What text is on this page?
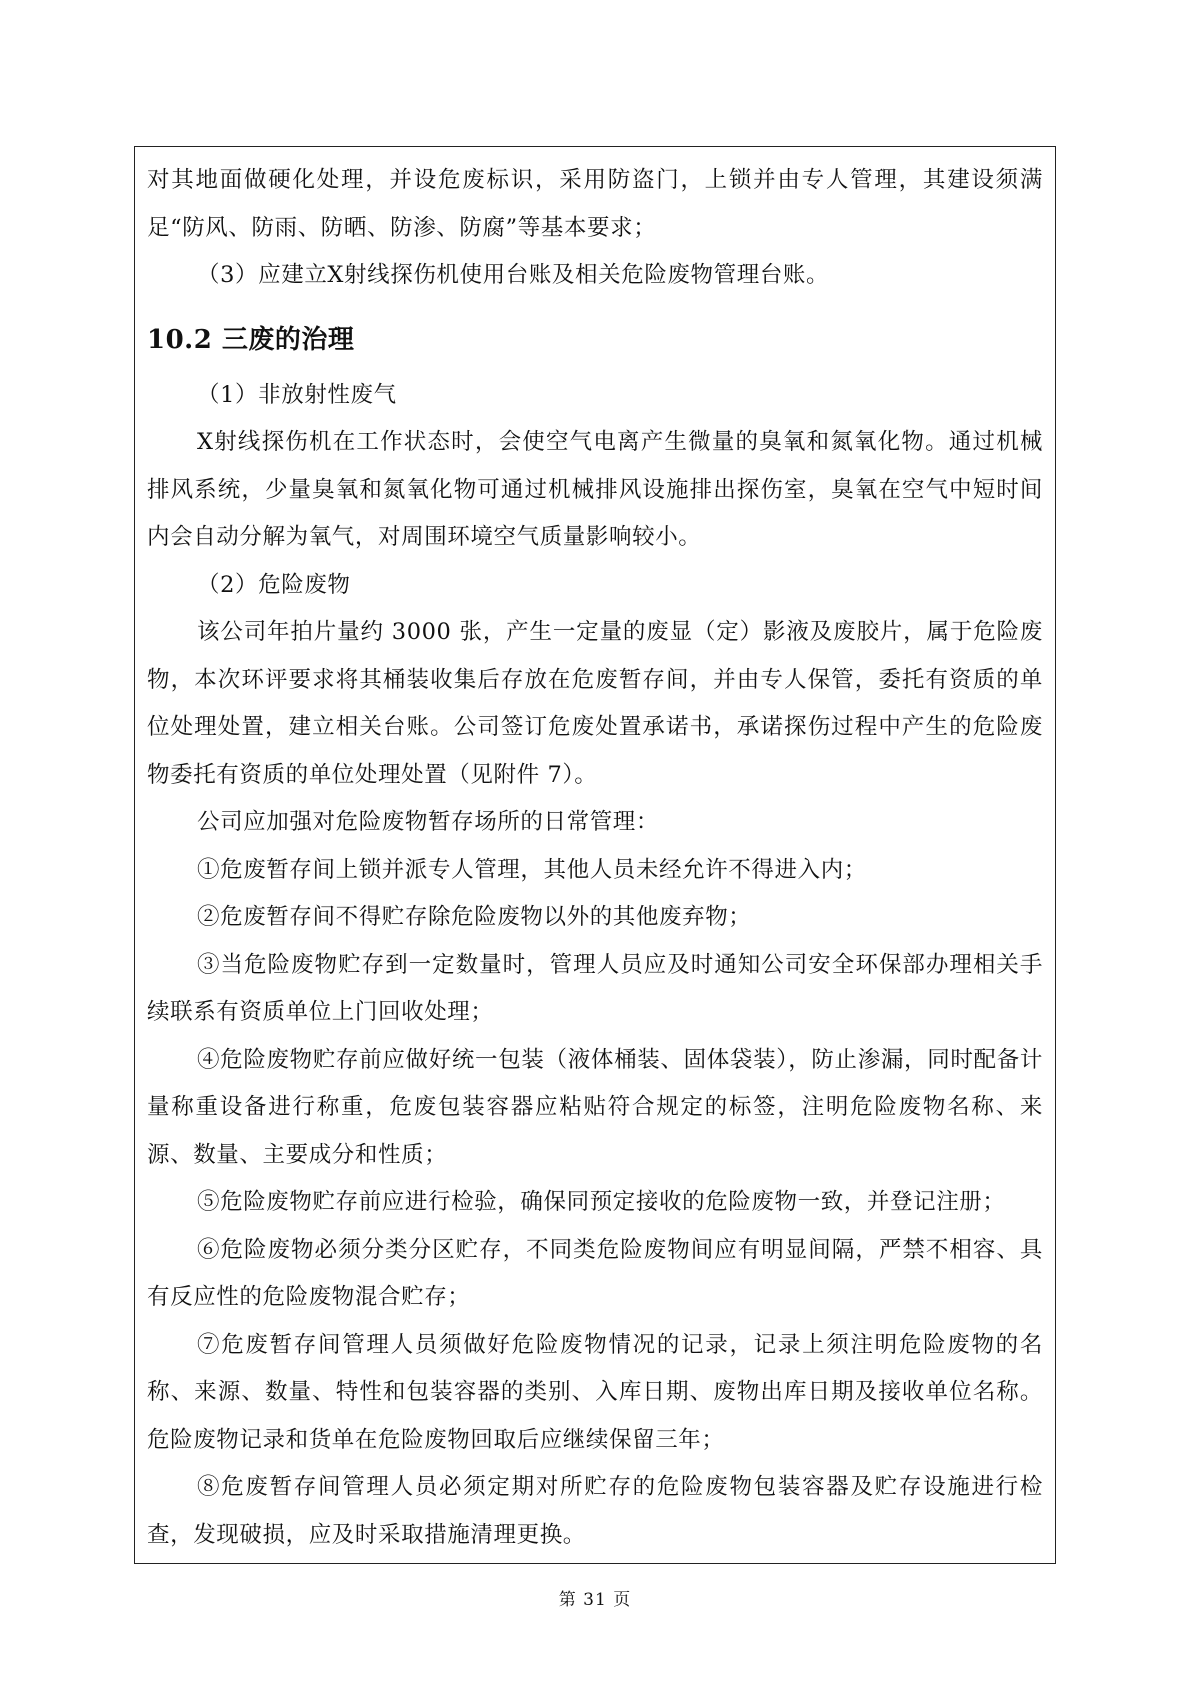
对其地面做硬化处理，并设危废标识，采用防盗门，上锁并由专人管理，其建设须满足“防风、防雨、防晒、防渗、防腐”等基本要求；

（3）应建立X射线探伤机使用台账及相关危险废物管理台账。

10.2 三废的治理

（1）非放射性废气

X射线探伤机在工作状态时，会使空气电离产生微量的臭氧和氮氧化物。通过机械排风系统，少量臭氧和氮氧化物可通过机械排风设施排出探伤室，臭氧在空气中短时间内会自动分解为氧气，对周围环境空气质量影响较小。

（2）危险废物

该公司年拍片量约 3000 张，产生一定量的废显（定）影液及废胶片，属于危险废物，本次环评要求将其桶装收集后存放在危废暂存间，并由专人保管，委托有资质的单位处理处置，建立相关台账。公司签订危废处置承诺书，承诺探伤过程中产生的危险废物委托有资质的单位处理处置（见附件 7）。

公司应加强对危险废物暂存场所的日常管理：

①危废暂存间上锁并派专人管理，其他人员未经允许不得进入内；

②危废暂存间不得贮存除危险废物以外的其他废弃物；

③当危险废物贮存到一定数量时，管理人员应及时通知公司安全环保部办理相关手续联系有资质单位上门回收处理；

④危险废物贮存前应做好统一包装（液体桶装、固体袋装），防止渗漏，同时配备计量称重设备进行称重，危废包装容器应粘贴符合规定的标签，注明危险废物名称、来源、数量、主要成分和性质；

⑤危险废物贮存前应进行检验，确保同预定接收的危险废物一致，并登记注册；

⑥危险废物必须分类分区贮存，不同类危险废物间应有明显间隔，严禁不相容、具有反应性的危险废物混合贮存；

⑦危废暂存间管理人员须做好危险废物情况的记录，记录上须注明危险废物的名称、来源、数量、特性和包装容器的类别、入库日期、废物出库日期及接收单位名称。危险废物记录和货单在危险废物回取后应继续保留三年；

⑧危废暂存间管理人员必须定期对所贮存的危险废物包装容器及贮存设施进行检查，发现破损，应及时采取措施清理更换。

第 31 页
